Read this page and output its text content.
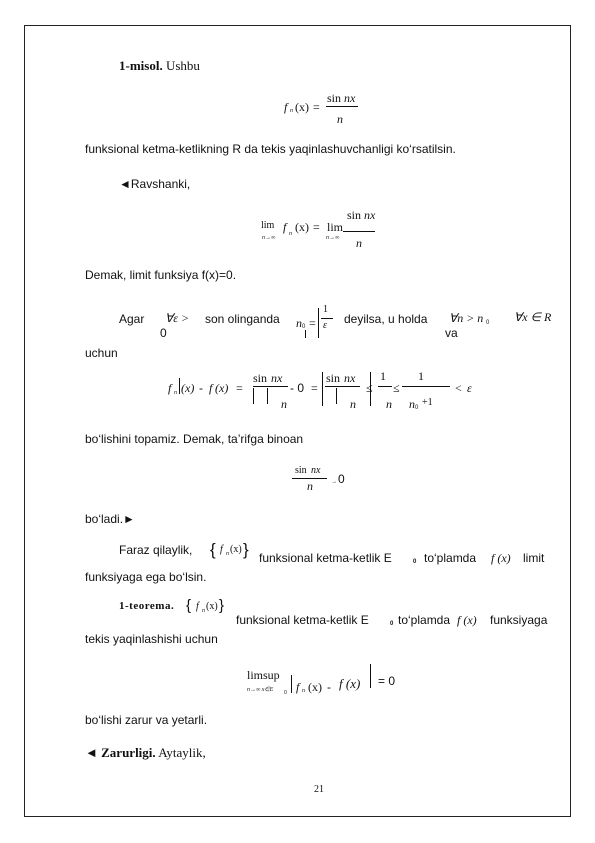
1-misol. Ushbu
f n (x) =
sin nx
n
funksional ketma-ketlikning R da tekis yaqinlashuvchanligi ko‘rsatilsin.
◄Ravshanki,
lim
n→∞
f n (x) = lim
n→∞
sin nx
n
Demak, limit funksiya f(x)=0.
Agar ∀ε >
0
son olinganda n 0 =
1
ε deyilsa, u holda ∀n > n 0
va
∀x ∈ R
uchun
f n (x) - f (x) =
sin nx
n
- 0 =
sin nx
n
≤
1
n
≤
1
n 0 +1
< ε
bo‘lishini topamiz. Demak, ta’rifga binoan
sin nx
n	→ 0
bo‘ladi.►
Faraz qilaylik, { f n (x) } funksional ketma-ketlik E	0 to‘plamda f (x) limit
funksiyaga ega bo‘lsin.
1-teorema. { f n (x) }
funksional ketma-ketlik E	0 to‘plamda f (x) funksiyaga
tekis yaqinlashishi uchun
limsup
n→∞ x∈E 0 f n (x) - f (x) = 0
bo‘lishi zarur va yetarli.
◄ Zarurligi. Aytaylik,
21
